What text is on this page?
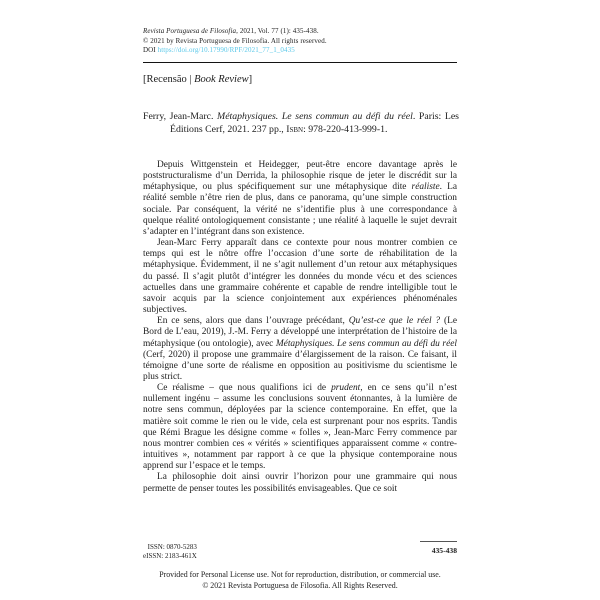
Revista Portuguesa de Filosofia, 2021, Vol. 77 (1): 435-438.
© 2021 by Revista Portuguesa de Filosofia. All rights reserved.
DOI https://doi.org/10.17990/RPF/2021_77_1_0435
[Recensão | Book Review]
Ferry, Jean-Marc. Métaphysiques. Le sens commun au défi du réel. Paris: Les Éditions Cerf, 2021. 237 pp., Isbn: 978-220-413-999-1.

Depuis Wittgenstein et Heidegger, peut-être encore davantage après le poststructuralisme d’un Derrida, la philosophie risque de jeter le discrédit sur la métaphysique, ou plus spécifiquement sur une métaphysique dite réaliste. La réalité semble n’être rien de plus, dans ce panorama, qu’une simple construction sociale. Par conséquent, la vérité ne s’identifie plus à une correspondance à quelque réalité ontologiquement consistante ; une réalité à laquelle le sujet devrait s’adapter en l’intégrant dans son existence.

Jean-Marc Ferry apparaît dans ce contexte pour nous montrer combien ce temps qui est le nôtre offre l’occasion d’une sorte de réhabilitation de la métaphysique. Évidemment, il ne s’agit nullement d’un retour aux métaphysiques du passé. Il s’agit plutôt d’intégrer les données du monde vécu et des sciences actuelles dans une grammaire cohérente et capable de rendre intelligible tout le savoir acquis par la science conjointement aux expériences phénoménales subjectives.

En ce sens, alors que dans l’ouvrage précédant, Qu’est-ce que le réel ? (Le Bord de L’eau, 2019), J.-M. Ferry a développé une interprétation de l’histoire de la métaphysique (ou ontologie), avec Métaphysiques. Le sens commun au défi du réel (Cerf, 2020) il propose une grammaire d’élargissement de la raison. Ce faisant, il témoigne d’une sorte de réalisme en opposition au positivisme du scientisme le plus strict.

Ce réalisme – que nous qualifions ici de prudent, en ce sens qu’il n’est nullement ingénu – assume les conclusions souvent étonnantes, à la lumière de notre sens commun, déployées par la science contemporaine. En effet, que la matière soit comme le rien ou le vide, cela est surprenant pour nos esprits. Tandis que Rémi Brague les désigne comme « folles », Jean-Marc Ferry commence par nous montrer combien ces « vérités » scientifiques apparaissent comme « contre-intuitives », notamment par rapport à ce que la physique contemporaine nous apprend sur l’espace et le temps.

La philosophie doit ainsi ouvrir l’horizon pour une grammaire qui nous permette de penser toutes les possibilités envisageables. Que ce soit

ISSN: 0870-5283
eISSN: 2183-461X
435-438
Provided for Personal License use. Not for reproduction, distribution, or commercial use.
© 2021 Revista Portuguesa de Filosofia. All Rights Reserved.
